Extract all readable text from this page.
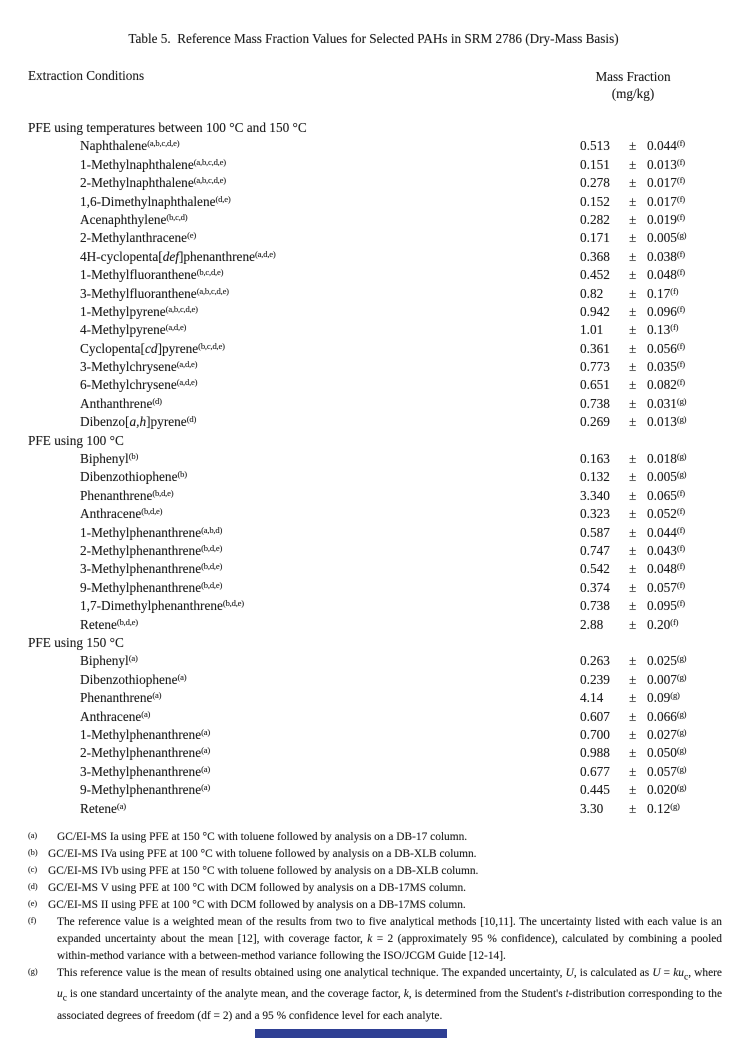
Table 5.  Reference Mass Fraction Values for Selected PAHs in SRM 2786 (Dry-Mass Basis)
Extraction Conditions	Mass Fraction
(mg/kg)
PFE using temperatures between 100 °C and 150 °C
Naphthalene$^{(a,b,c,d,e)}$	$0.513 \pm 0.044^{(f)}$
1-Methylnaphthalene$^{(a,b,c,d,e)}$	$0.151 \pm 0.013^{(f)}$
2-Methylnaphthalene$^{(a,b,c,d,e)}$	$0.278 \pm 0.017^{(f)}$
1,6-Dimethylnaphthalene$^{(d,e)}$	$0.152 \pm 0.017^{(f)}$
Acenaphthylene$^{(b,c,d)}$	$0.282 \pm 0.019^{(f)}$
2-Methylanthracene$^{(e)}$	$0.171 \pm 0.005^{(g)}$
4H-cyclopenta[def]phenanthrene$^{(a,d,e)}$	$0.368 \pm 0.038^{(f)}$
1-Methylfluoranthene$^{(b,c,d,e)}$	$0.452 \pm 0.048^{(f)}$
3-Methylfluoranthene$^{(a,b,c,d,e)}$	$0.82 \pm 0.17^{(f)}$
1-Methylpyrene$^{(a,b,c,d,e)}$	$0.942 \pm 0.096^{(f)}$
4-Methylpyrene$^{(a,d,e)}$	$1.01 \pm 0.13^{(f)}$
Cyclopenta[cd]pyrene$^{(b,c,d,e)}$	$0.361 \pm 0.056^{(f)}$
3-Methylchrysene$^{(a,d,e)}$	$0.773 \pm 0.035^{(f)}$
6-Methylchrysene$^{(a,d,e)}$	$0.651 \pm 0.082^{(f)}$
Anthanthrene$^{(d)}$	$0.738 \pm 0.031^{(g)}$
Dibenzo[a,h]pyrene$^{(d)}$	$0.269 \pm 0.013^{(g)}$
PFE using 100 °C
Biphenyl$^{(b)}$	$0.163 \pm 0.018^{(g)}$
Dibenzothiophene$^{(b)}$	$0.132 \pm 0.005^{(g)}$
Phenanthrene$^{(b,d,e)}$	$3.340 \pm 0.065^{(f)}$
Anthracene$^{(b,d,e)}$	$0.323 \pm 0.052^{(f)}$
1-Methylphenanthrene$^{(a,b,d)}$	$0.587 \pm 0.044^{(f)}$
2-Methylphenanthrene$^{(b,d,e)}$	$0.747 \pm 0.043^{(f)}$
3-Methylphenanthrene$^{(b,d,e)}$	$0.542 \pm 0.048^{(f)}$
9-Methylphenanthrene$^{(b,d,e)}$	$0.374 \pm 0.057^{(f)}$
1,7-Dimethylphenanthrene$^{(b,d,e)}$	$0.738 \pm 0.095^{(f)}$
Retene$^{(b,d,e)}$	$2.88 \pm 0.20^{(f)}$
PFE using 150 °C
Biphenyl$^{(a)}$	$0.263 \pm 0.025^{(g)}$
Dibenzothiophene$^{(a)}$	$0.239 \pm 0.007^{(g)}$
Phenanthrene$^{(a)}$	$4.14 \pm 0.09^{(g)}$
Anthracene$^{(a)}$	$0.607 \pm 0.066^{(g)}$
1-Methylphenanthrene$^{(a)}$	$0.700 \pm 0.027^{(g)}$
2-Methylphenanthrene$^{(a)}$	$0.988 \pm 0.050^{(g)}$
3-Methylphenanthrene$^{(a)}$	$0.677 \pm 0.057^{(g)}$
9-Methylphenanthrene$^{(a)}$	$0.445 \pm 0.020^{(g)}$
Retene$^{(a)}$	$3.30 \pm 0.12^{(g)}$
(a) GC/EI-MS Ia using PFE at 150 °C with toluene followed by analysis on a DB-17 column.
(b) GC/EI-MS IVa using PFE at 100 °C with toluene followed by analysis on a DB-XLB column.
(c) GC/EI-MS IVb using PFE at 150 °C with toluene followed by analysis on a DB-XLB column.
(d) GC/EI-MS V using PFE at 100 °C with DCM followed by analysis on a DB-17MS column.
(e) GC/EI-MS II using PFE at 100 °C with DCM followed by analysis on a DB-17MS column.
(f) The reference value is a weighted mean of the results from two to five analytical methods [10,11]. The uncertainty listed with each value is an expanded uncertainty about the mean [12], with coverage factor, k = 2 (approximately 95 % confidence), calculated by combining a pooled within-method variance with a between-method variance following the ISO/JCGM Guide [12-14].
(g) This reference value is the mean of results obtained using one analytical technique. The expanded uncertainty, U, is calculated as $U = ku_c$, where $u_c$ is one standard uncertainty of the analyte mean, and the coverage factor, k, is determined from the Student's t-distribution corresponding to the associated degrees of freedom (df = 2) and a 95 % confidence level for each analyte.
